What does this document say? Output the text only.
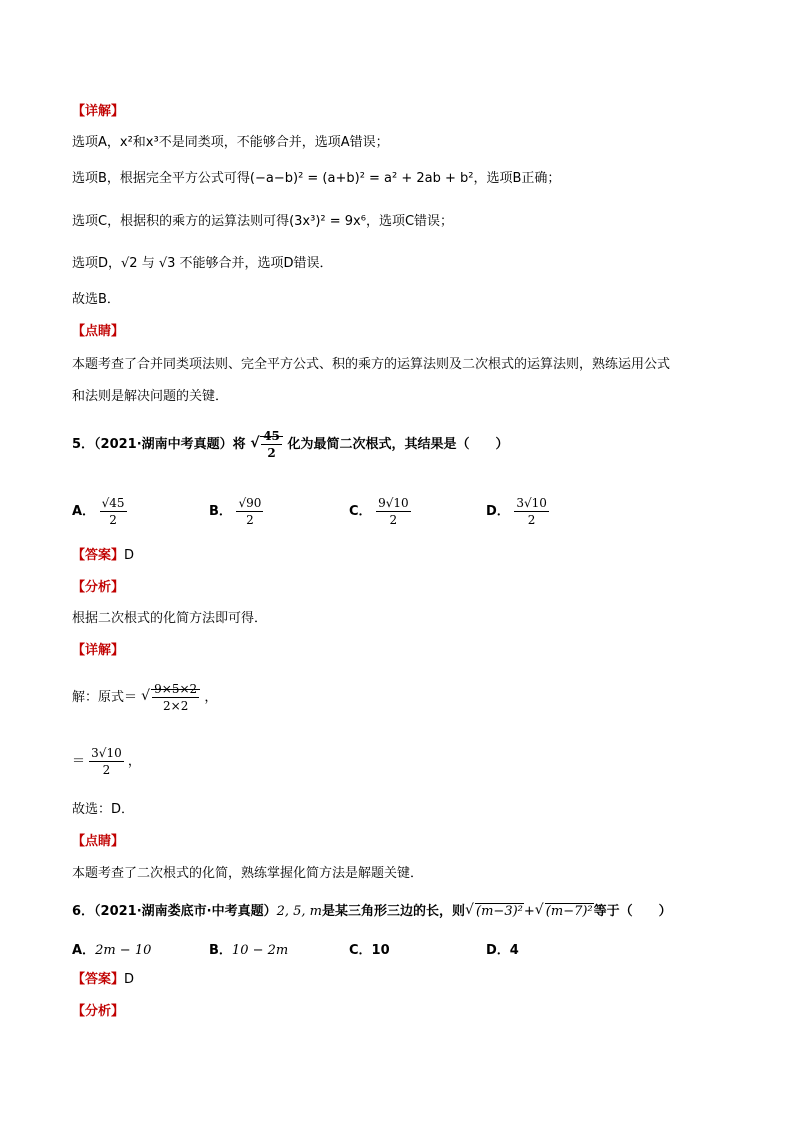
【详解】
选项A，x²和x³不是同类项，不能够合并，选项A错误；
选项B，根据完全平方公式可得(−a−b)² = (a+b)² = a² + 2ab + b²，选项B正确；
选项C，根据积的乘方的运算法则可得(3x³)² = 9x⁶，选项C错误；
选项D，√2 与 √3 不能够合并，选项D错误．
故选B．
【点睛】
本题考查了合并同类项法则、完全平方公式、积的乘方的运算法则及二次根式的运算法则，熟练运用公式
和法则是解决问题的关键．
5．（2021·湖南中考真题）将 √ $\frac{45}{2}$ 化为最简二次根式，其结果是（　　）
A． $\frac{√45}{2}$	B． $\frac{√90}{2}$	C． $\frac{9√10}{2}$	D． $\frac{3√10}{2}$
【答案】D
【分析】
根据二次根式的化简方法即可得．
【详解】
解：原式＝ √ $\frac{9\times 5\times 2}{2\times 2}$ ，
＝ $\frac{3√10}{2}$ ，
故选：D．
【点睛】
本题考查了二次根式的化简，熟练掌握化简方法是解题关键．
6．（2021·湖南娄底市·中考真题）2, 5, m是某三角形三边的长，则 √ (m−3)²+ √ (m−7)²等于（　　）
A．2m − 10	B．10 − 2m	C．10	D．4
【答案】D
【分析】
